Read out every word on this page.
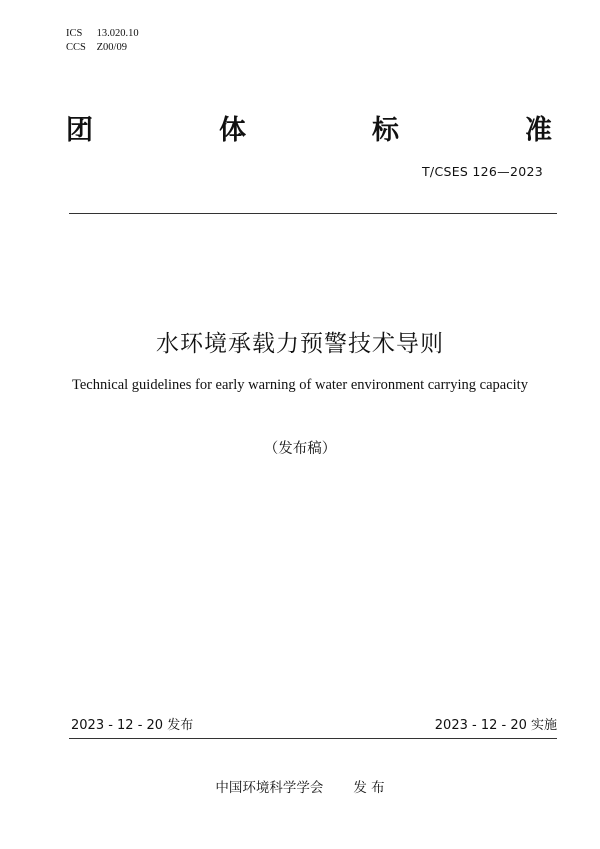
ICS 13.020.10
CCS Z00/09
团	体	标	准
T/CSES 126—2023
水环境承载力预警技术导则
Technical guidelines for early warning of water environment carrying capacity
（发布稿）
2023 - 12 - 20 发布	2023 - 12 - 20 实施
中国环境科学学会 发 布
